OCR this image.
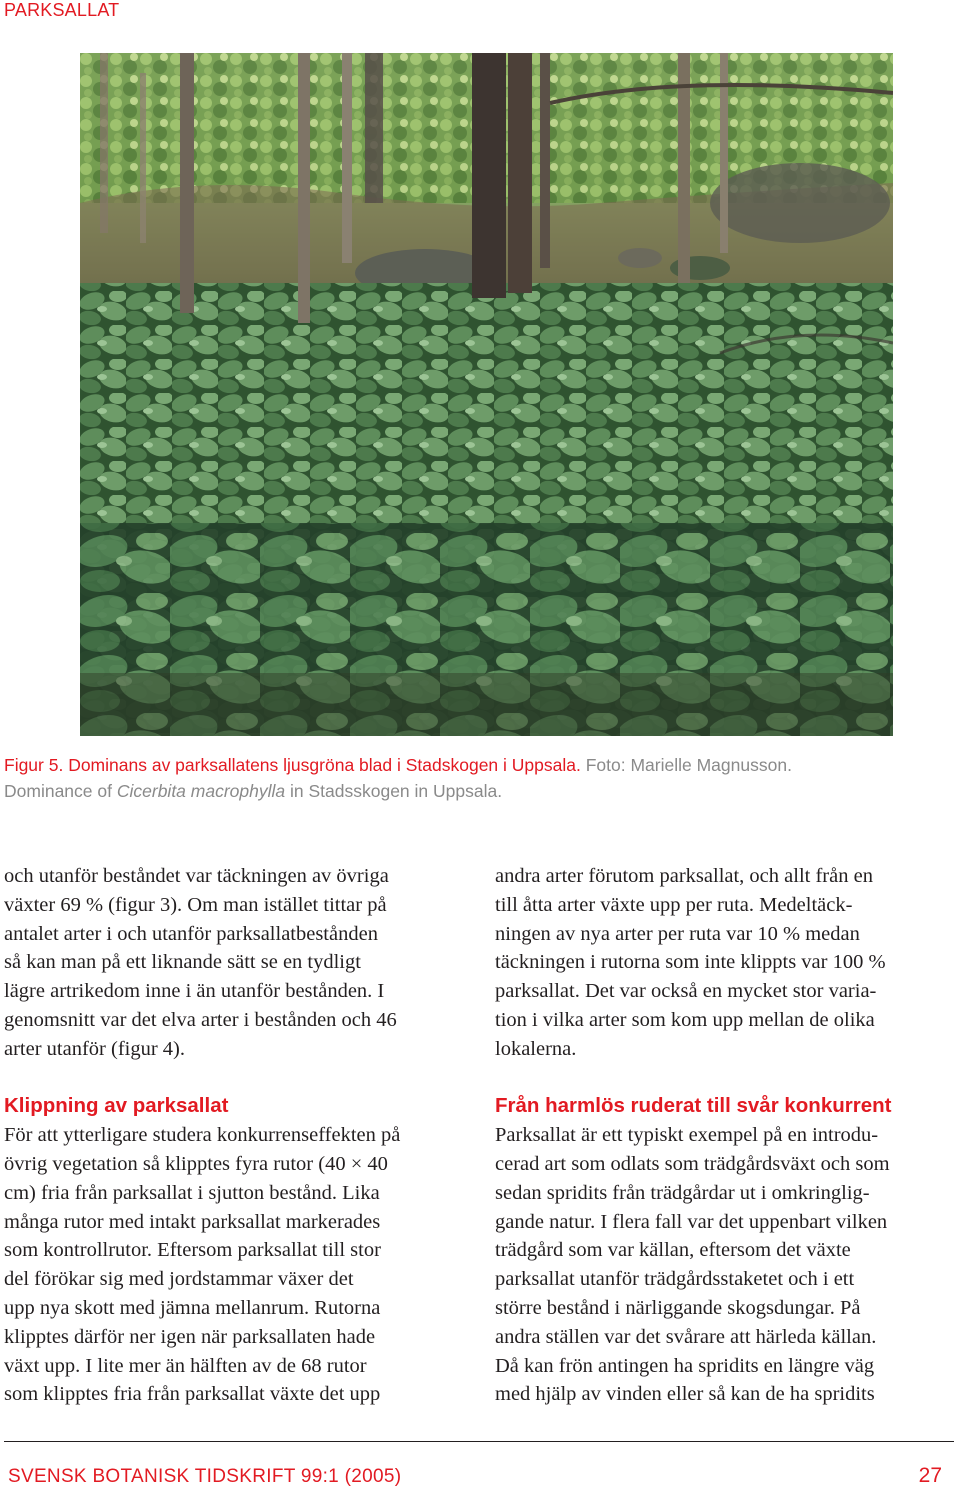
PARKSALLAT
Figur 5. Dominans av parksallatens ljusgröna blad i Stadskogen i Uppsala. Foto: Marielle Magnusson.
Dominance of Cicerbita macrophylla in Stadsskogen in Uppsala.

och utanför beståndet var täckningen av övriga
växter 69 % (figur 3). Om man istället tittar på
antalet arter i och utanför parksallatbestånden
så kan man på ett liknande sätt se en tydligt
lägre artrikedom inne i än utanför bestånden. I
genomsnitt var det elva arter i bestånden och 46
arter utanför (figur 4).

Klippning av parksallat

För att ytterligare studera konkurrenseffekten på
övrig vegetation så klipptes fyra rutor (40 × 40
cm) fria från parksallat i sjutton bestånd. Lika
många rutor med intakt parksallat markerades
som kontrollrutor. Eftersom parksallat till stor
del förökar sig med jordstammar växer det
upp nya skott med jämna mellanrum. Rutorna
klipptes därför ner igen när parksallaten hade
växt upp. I lite mer än hälften av de 68 rutor
som klipptes fria från parksallat växte det upp

andra arter förutom parksallat, och allt från en
till åtta arter växte upp per ruta. Medeltäck-
ningen av nya arter per ruta var 10 % medan
täckningen i rutorna som inte klippts var 100 %
parksallat. Det var också en mycket stor varia-
tion i vilka arter som kom upp mellan de olika
lokalerna.

Från harmlös ruderat till svår konkurrent

Parksallat är ett typiskt exempel på en introdu-
cerad art som odlats som trädgårdsväxt och som
sedan spridits från trädgårdar ut i omkringlig-
gande natur. I flera fall var det uppenbart vilken
trädgård som var källan, eftersom det växte
parksallat utanför trädgårdsstaketet och i ett
större bestånd i närliggande skogsdungar. På
andra ställen var det svårare att härleda källan.
Då kan frön antingen ha spridits en längre väg
med hjälp av vinden eller så kan de ha spridits

SVENSK BOTANISK TIDSKRIFT 99:1 (2005)	27
